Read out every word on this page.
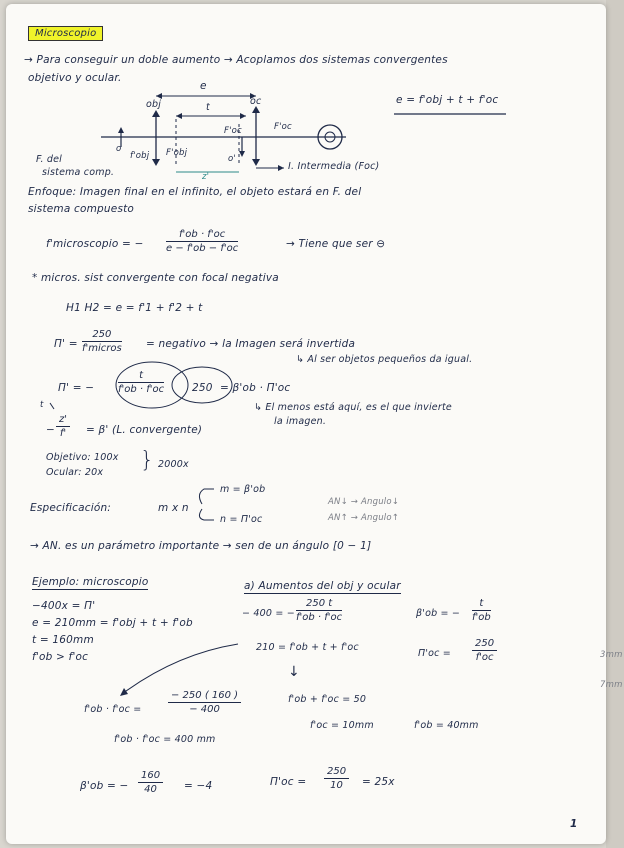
Microscopio
→ Para conseguir un doble aumento → Acoplamos dos sistemas convergentes
objetivo y ocular.
e
obj	t
oc
F'oc	F'oc
f'obj F'obj
o
o'
z'
F. del
sistema comp.
I. Intermedia (Foc)
e = f'obj + t + f'oc
Enfoque: Imagen final en el infinito, el objeto estará en F. del
sistema compuesto
f'microscopio = − $\frac{f'ob \cdot f'oc}{e - f'ob - f'oc}$	→ Tiene que ser ⊖
* micros. sist convergente con focal negativa
H1 H2 = e = f'1 + f'2 + t
Π' =
250
f'micros = negativo → la Imagen será invertida
↳ Al ser objetos pequeños da igual.
Π' = − $\frac{t}{f'ob \cdot f'oc}$	250 = β'ob · Π'oc
↳ El menos está aquí, es el que invierte
la imagen.
t
− $\frac{z'}{f'} = \beta'$ (L. convergente)
Objetivo: 100x
Ocular: 20x } 2000x
Especificación:	m x n
m = β'ob
n = Π'oc
AN↓ → Angulo↓
AN↑ → Angulo↑
→ AN. es un parámetro importante → sen de un ángulo [0 − 1]
Ejemplo: microscopio
−400x = Π'
e = 210mm = f'obj + t + f'ob
t = 160mm
f'ob > f'oc
a) Aumentos del obj y ocular
− 400 = − $\frac{250 t}{f'ob \cdot f'oc}$	β'ob = − $\frac{t}{f'ob}$
210 = f'ob + t + f'oc
$\Pi'oc = \frac{250}{f'oc}$
↓
f'ob + f'oc = 50
f'oc = 10mm	f'ob = 40mm
f'ob · f'oc =	$\frac{- 250 ( 160 )}{- 400}$
f'ob · f'oc = 400 mm
β'ob = − $\frac{160}{40} = -4$	$\Pi'oc = \frac{250}{10} = 25x$
1
3mm
7mm
